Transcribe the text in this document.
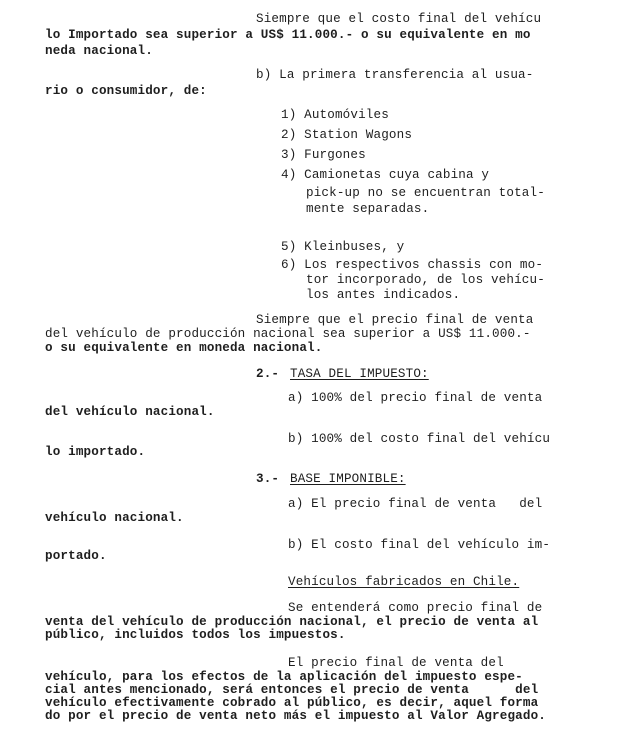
Siempre que el costo final del vehícu
lo Importado sea superior a US$ 11.000.- o su equivalente en mo
neda nacional.
b) La primera transferencia al usua-
rio o consumidor, de:
1) Automóviles
2) Station Wagons
3) Furgones
4) Camionetas cuya cabina y
pick-up no se encuentran total-
mente separadas.
5) Kleinbuses, y
6) Los respectivos chassis con mo-
tor incorporado, de los vehícu-
los antes indicados.
Siempre que el precio final de venta
del vehículo de producción nacional sea superior a US$ 11.000.-
o su equivalente en moneda nacional.
2.- TASA DEL IMPUESTO:
a) 100% del precio final de venta
del vehículo nacional.
b) 100% del costo final del vehícu
lo importado.
3.- BASE IMPONIBLE:
a) El precio final de venta   del
vehículo nacional.
b) El costo final del vehículo im-
portado.
Vehículos fabricados en Chile.
Se entenderá como precio final de
venta del vehículo de producción nacional, el precio de venta al
público, incluidos todos los impuestos.
El precio final de venta del
vehículo, para los efectos de la aplicación del impuesto espe-
cial antes mencionado, será entonces el precio de venta      del
vehículo efectivamente cobrado al público, es decir, aquel forma
do por el precio de venta neto más el impuesto al Valor Agregado.
